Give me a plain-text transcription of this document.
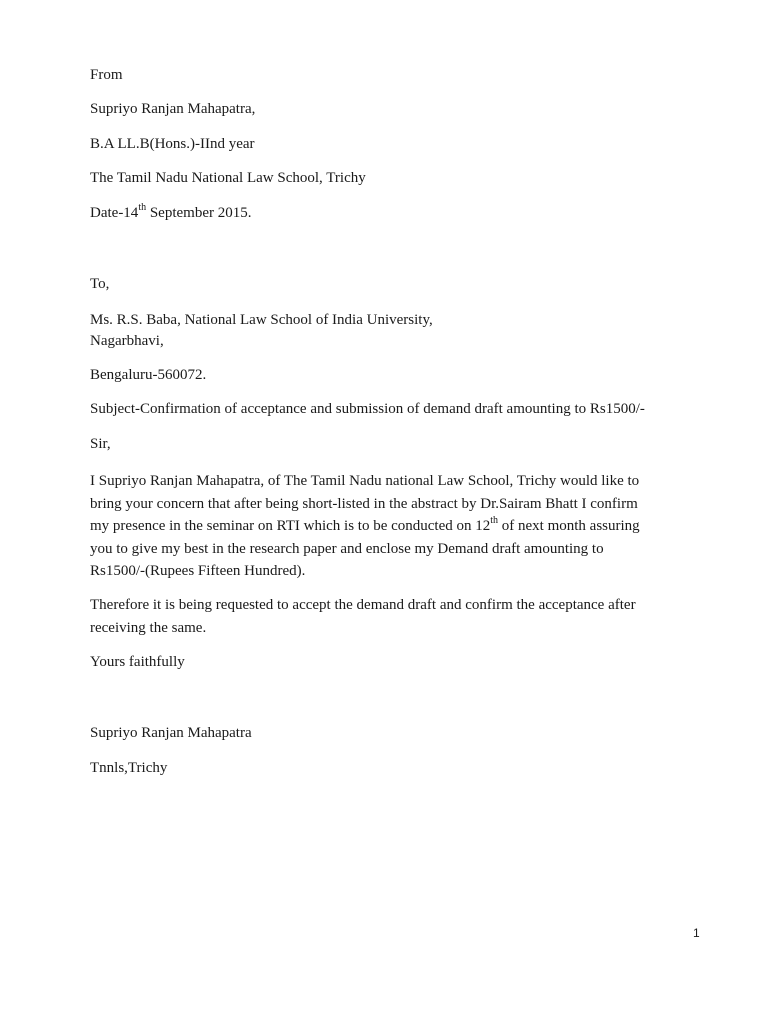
From
Supriyo Ranjan Mahapatra,
B.A LL.B(Hons.)-IInd year
The Tamil Nadu National Law School, Trichy
Date-14th September 2015.
To,
Ms. R.S. Baba, National Law School of India University,
Nagarbhavi,
Bengaluru-560072.
Subject-Confirmation of acceptance and submission of demand draft amounting to Rs1500/-
Sir,
I Supriyo Ranjan Mahapatra, of The Tamil Nadu national Law School, Trichy would like to
bring your concern that after being short-listed in the abstract by Dr.Sairam Bhatt I confirm
my presence in the seminar on RTI which is to be conducted on 12th of next month assuring
you to give my best in the research paper and enclose my Demand draft amounting to
Rs1500/-(Rupees Fifteen Hundred).
Therefore it is being requested to accept the demand draft and confirm the acceptance after
receiving the same.
Yours faithfully
Supriyo Ranjan Mahapatra
Tnnls,Trichy
1
